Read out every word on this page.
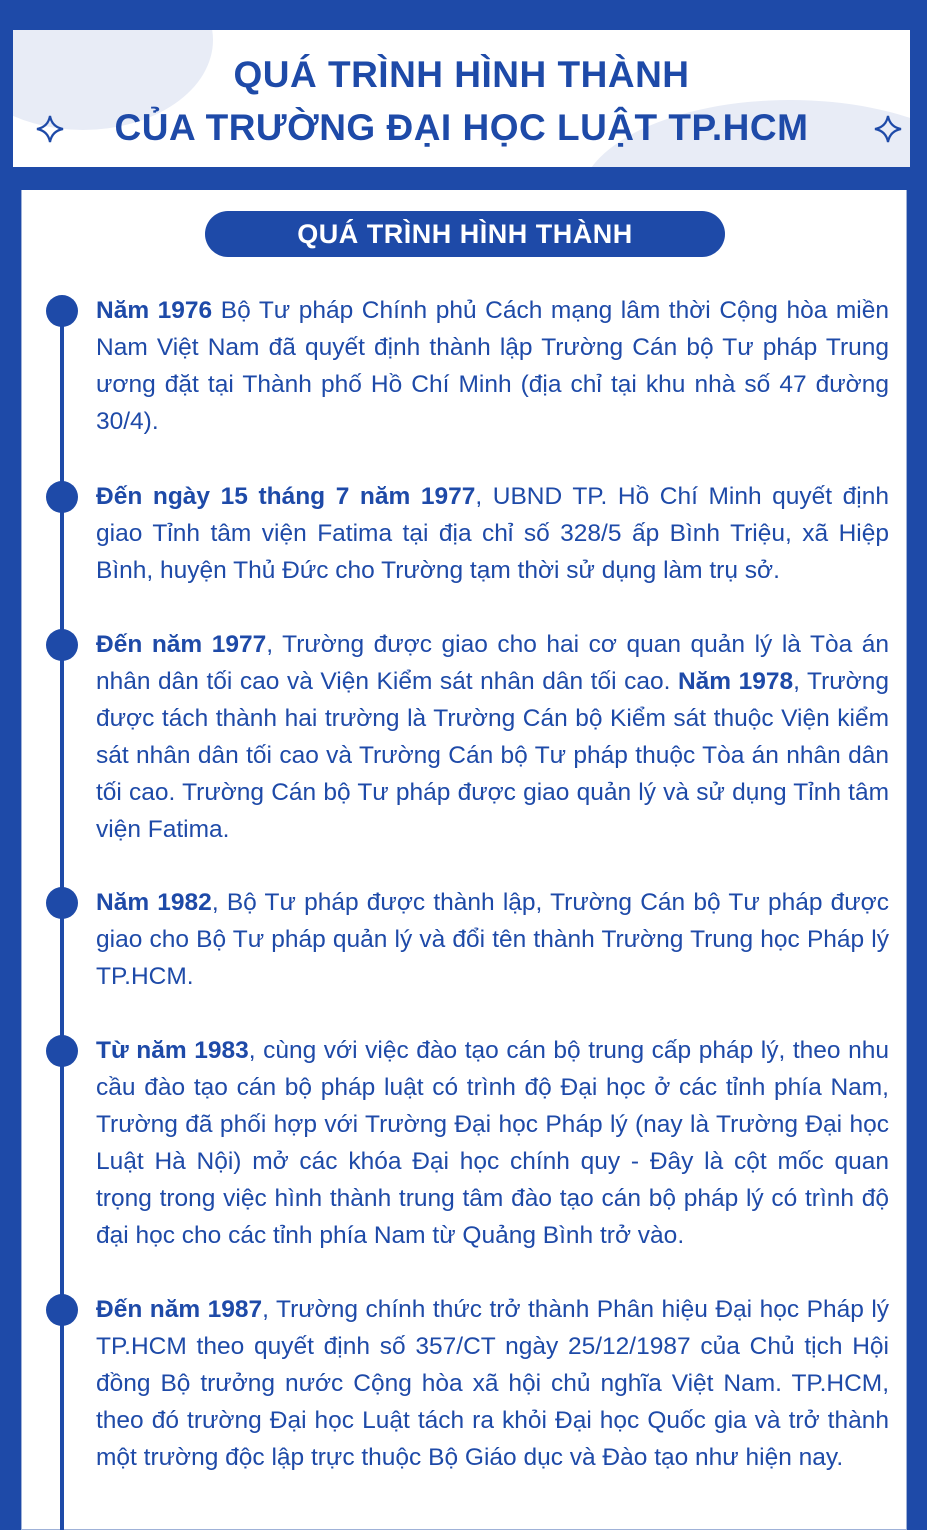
QUÁ TRÌNH HÌNH THÀNH
CỦA TRƯỜNG ĐẠI HỌC LUẬT TP.HCM
QUÁ TRÌNH HÌNH THÀNH
Năm 1976 Bộ Tư pháp Chính phủ Cách mạng lâm thời Cộng hòa miền Nam Việt Nam đã quyết định thành lập Trường Cán bộ Tư pháp Trung ương đặt tại Thành phố Hồ Chí Minh (địa chỉ tại khu nhà số 47 đường 30/4).
Đến ngày 15 tháng 7 năm 1977, UBND TP. Hồ Chí Minh quyết định giao Tỉnh tâm viện Fatima tại địa chỉ số 328/5 ấp Bình Triệu, xã Hiệp Bình, huyện Thủ Đức cho Trường tạm thời sử dụng làm trụ sở.
Đến năm 1977, Trường được giao cho hai cơ quan quản lý là Tòa án nhân dân tối cao và Viện Kiểm sát nhân dân tối cao. Năm 1978, Trường được tách thành hai trường là Trường Cán bộ Kiểm sát thuộc Viện kiểm sát nhân dân tối cao và Trường Cán bộ Tư pháp thuộc Tòa án nhân dân tối cao. Trường Cán bộ Tư pháp được giao quản lý và sử dụng Tỉnh tâm viện Fatima.
Năm 1982, Bộ Tư pháp được thành lập, Trường Cán bộ Tư pháp được giao cho Bộ Tư pháp quản lý và đổi tên thành Trường Trung học Pháp lý TP.HCM.
Từ năm 1983, cùng với việc đào tạo cán bộ trung cấp pháp lý, theo nhu cầu đào tạo cán bộ pháp luật có trình độ Đại học ở các tỉnh phía Nam, Trường đã phối hợp với Trường Đại học Pháp lý (nay là Trường Đại học Luật Hà Nội) mở các khóa Đại học chính quy - Đây là cột mốc quan trọng trong việc hình thành trung tâm đào tạo cán bộ pháp lý có trình độ đại học cho các tỉnh phía Nam từ Quảng Bình trở vào.
Đến năm 1987, Trường chính thức trở thành Phân hiệu Đại học Pháp lý TP.HCM theo quyết định số 357/CT ngày 25/12/1987 của Chủ tịch Hội đồng Bộ trưởng nước Cộng hòa xã hội chủ nghĩa Việt Nam. TP.HCM, theo đó trường Đại học Luật tách ra khỏi Đại học Quốc gia và trở thành một trường độc lập trực thuộc Bộ Giáo dục và Đào tạo như hiện nay.
